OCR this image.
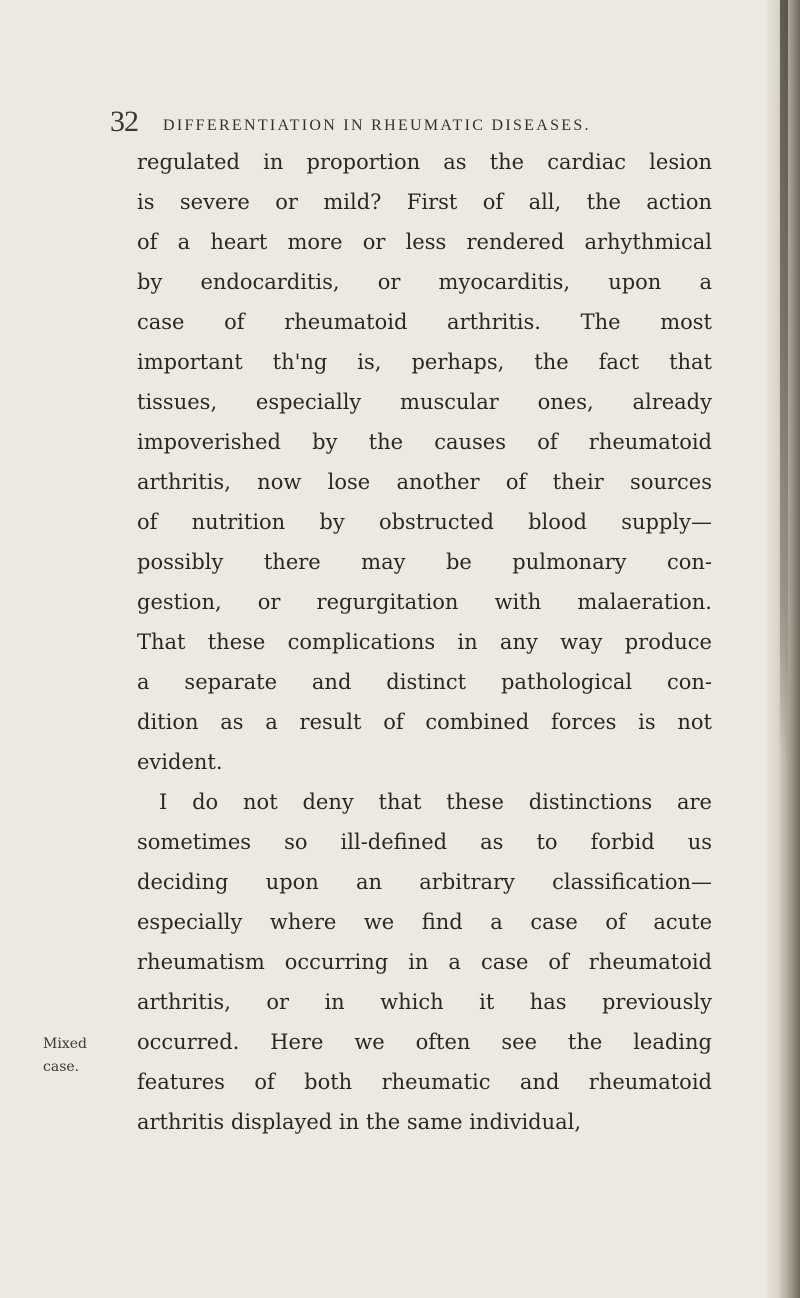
32 DIFFERENTIATION IN RHEUMATIC DISEASES.
Mixed
case.
regulated in proportion as the cardiac lesion
is severe or mild? First of all, the action
of a heart more or less rendered arhythmical
by endocarditis, or myocarditis, upon a
case of rheumatoid arthritis. The most
important th'ng is, perhaps, the fact that
tissues, especially muscular ones, already
impoverished by the causes of rheumatoid
arthritis, now lose another of their sources
of nutrition by obstructed blood supply—
possibly there may be pulmonary con-
gestion, or regurgitation with malaeration.
That these complications in any way produce
a separate and distinct pathological con-
dition as a result of combined forces is not
evident.
I do not deny that these distinctions are
sometimes so ill-defined as to forbid us
deciding upon an arbitrary classification—
especially where we find a case of acute
rheumatism occurring in a case of rheumatoid
arthritis, or in which it has previously
occurred. Here we often see the leading
features of both rheumatic and rheumatoid
arthritis displayed in the same individual,
